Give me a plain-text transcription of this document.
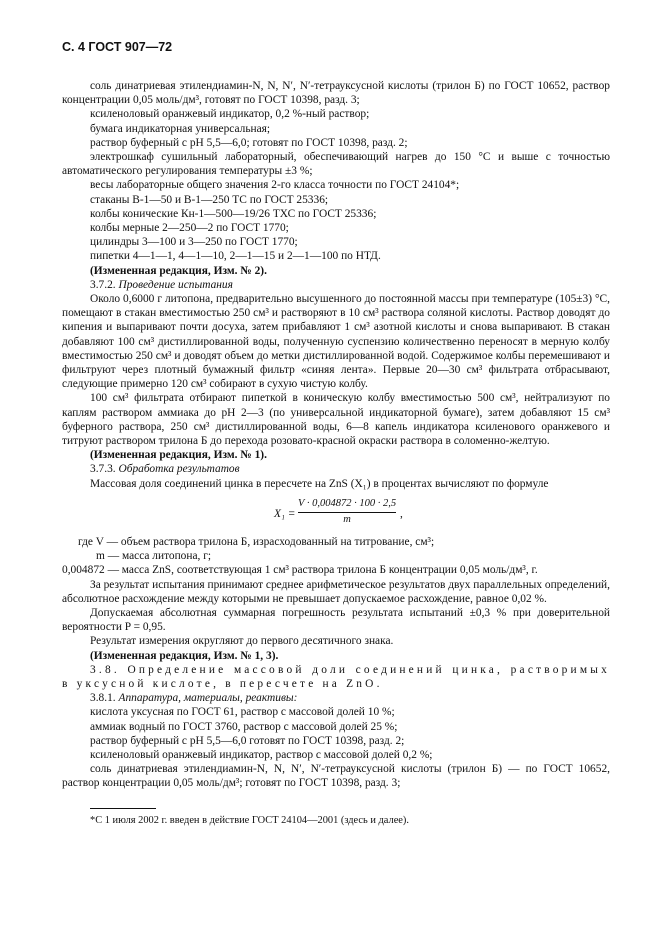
С. 4 ГОСТ 907—72
соль динатриевая этилендиамин-N, N, N′, N′-тетрауксусной кислоты (трилон Б) по ГОСТ 10652, раствор концентрации 0,05 моль/дм³, готовят по ГОСТ 10398, разд. 3;
ксиленоловый оранжевый индикатор, 0,2 %-ный раствор;
бумага индикаторная универсальная;
раствор буферный с рН 5,5—6,0; готовят по ГОСТ 10398, разд. 2;
электрошкаф сушильный лабораторный, обеспечивающий нагрев до 150 °С и выше с точностью автоматического регулирования температуры ±3 %;
весы лабораторные общего значения 2-го класса точности по ГОСТ 24104*;
стаканы В-1—50 и В-1—250 ТС по ГОСТ 25336;
колбы конические Кн-1—500—19/26 ТХС по ГОСТ 25336;
колбы мерные 2—250—2 по ГОСТ 1770;
цилиндры 3—100 и 3—250 по ГОСТ 1770;
пипетки 4—1—1, 4—1—10, 2—1—15 и 2—1—100 по НТД.
(Измененная редакция, Изм. № 2).
3.7.2. Проведение испытания
Около 0,6000 г литопона, предварительно высушенного до постоянной массы при температуре (105±3) °С, помещают в стакан вместимостью 250 см³ и растворяют в 10 см³ раствора соляной кислоты. Раствор доводят до кипения и выпаривают почти досуха, затем прибавляют 1 см³ азотной кислоты и снова выпаривают. В стакан добавляют 100 см³ дистиллированной воды, полученную суспензию количественно переносят в мерную колбу вместимостью 250 см³ и доводят объем до метки дистиллированной водой. Содержимое колбы перемешивают и фильтруют через плотный бумажный фильтр «синяя лента». Первые 20—30 см³ фильтрата отбрасывают, следующие примерно 120 см³ собирают в сухую чистую колбу.
100 см³ фильтрата отбирают пипеткой в коническую колбу вместимостью 500 см³, нейтрализуют по каплям раствором аммиака до рН 2—3 (по универсальной индикаторной бумаге), затем добавляют 15 см³ буферного раствора, 250 см³ дистиллированной воды, 6—8 капель индикатора ксиленового оранжевого и титруют раствором трилона Б до перехода розовато-красной окраски раствора в соломенно-желтую.
(Измененная редакция, Изм. № 1).
3.7.3. Обработка результатов
Массовая доля соединений цинка в пересчете на ZnS (X₁) в процентах вычисляют по формуле
$X_1 = \frac{V \cdot 0,004872 \cdot 100 \cdot 2,5}{m}$ ,
где V — объем раствора трилона Б, израсходованный на титрование, см³;
m — масса литопона, г;
0,004872 — масса ZnS, соответствующая 1 см³ раствора трилона Б концентрации 0,05 моль/дм³, г.
За результат испытания принимают среднее арифметическое результатов двух параллельных определений, абсолютное расхождение между которыми не превышает допускаемое расхождение, равное 0,02 %.
Допускаемая абсолютная суммарная погрешность результата испытаний ±0,3 % при доверительной вероятности P = 0,95.
Результат измерения округляют до первого десятичного знака.
(Измененная редакция, Изм. № 1, 3).
3.8. Определение массовой доли соединений цинка, растворимых в уксусной кислоте, в пересчете на ZnO.
3.8.1. Аппаратура, материалы, реактивы:
кислота уксусная по ГОСТ 61, раствор с массовой долей 10 %;
аммиак водный по ГОСТ 3760, раствор с массовой долей 25 %;
раствор буферный с рН 5,5—6,0 готовят по ГОСТ 10398, разд. 2;
ксиленоловый оранжевый индикатор, раствор с массовой долей 0,2 %;
соль динатриевая этилендиамин-N, N, N′, N′-тетрауксусной кислоты (трилон Б) — по ГОСТ 10652, раствор концентрации 0,05 моль/дм³; готовят по ГОСТ 10398, разд. 3;
*С 1 июля 2002 г. введен в действие ГОСТ 24104—2001 (здесь и далее).
